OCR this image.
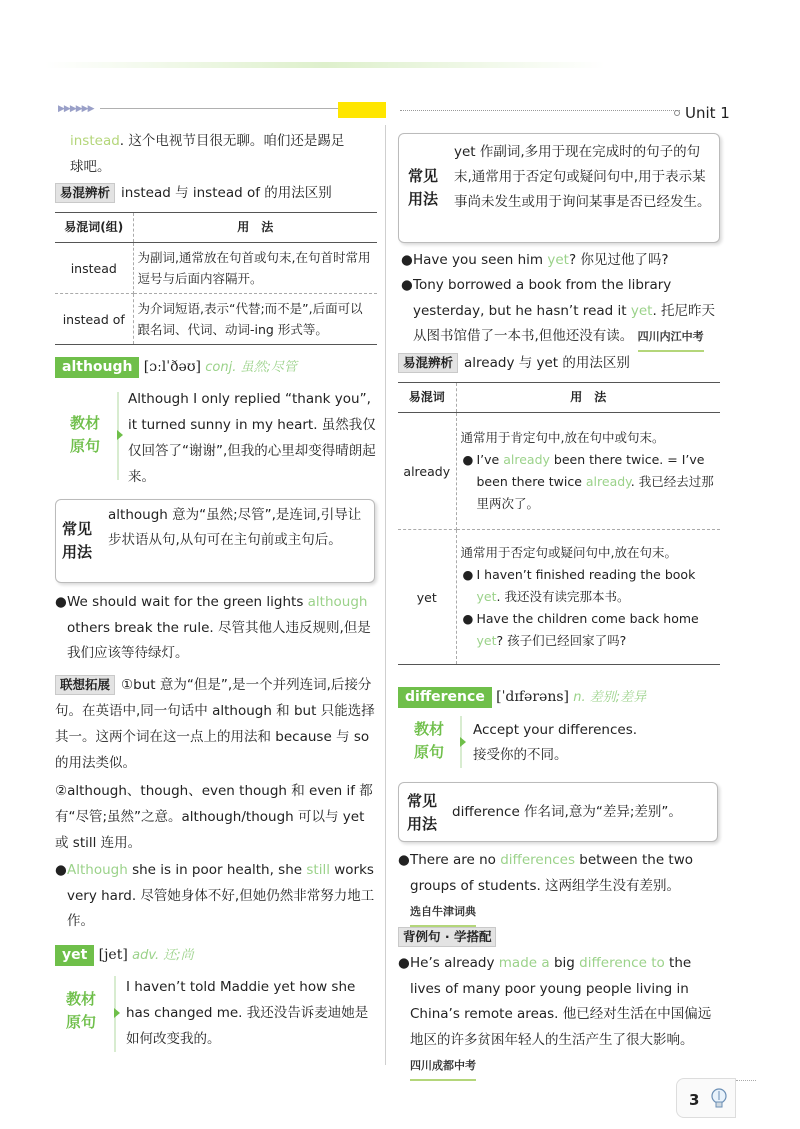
▶▶▶▶▶▶	Unit 1
instead. 这个电视节目很无聊。咱们还是踢足
球吧。
易混辨析 instead 与 instead of 的用法区别
易混词(组)	用　法
instead	为副词,通常放在句首或句末,在句首时常用逗号与后面内容隔开。
instead of	为介词短语,表示“代替;而不是”,后面可以跟名词、代词、动词-ing 形式等。
although [ɔːlˈðəʊ] conj. 虽然;尽管
教材
原句
Although I only replied “thank you”, it turned sunny in my heart. 虽然我仅仅回答了“谢谢”,但我的心里却变得晴朗起来。
常见
用法
although 意为“虽然;尽管”,是连词,引导让步状语从句,从句可在主句前或主句后。
● We should wait for the green lights although others break the rule. 尽管其他人违反规则,但是我们应该等待绿灯。
联想拓展 ①but 意为“但是”,是一个并列连词,后接分句。在英语中,同一句话中 although 和 but 只能选择其一。这两个词在这一点上的用法和 because 与 so 的用法类似。
②although、though、even though 和 even if 都有“尽管;虽然”之意。although/though 可以与 yet 或 still 连用。
● Although she is in poor health, she still works very hard. 尽管她身体不好,但她仍然非常努力地工作。
yet [jet] adv. 还;尚
教材
原句
I haven’t told Maddie yet how she has changed me. 我还没告诉麦迪她是如何改变我的。
常见
用法
yet 作副词,多用于现在完成时的句子的句末,通常用于否定句或疑问句中,用于表示某事尚未发生或用于询问某事是否已经发生。
● Have you seen him yet? 你见过他了吗?
● Tony borrowed a book from the library yesterday, but he hasn’t read it yet. 托尼昨天从图书馆借了一本书,但他还没有读。 四川内江中考
易混辨析 already 与 yet 的用法区别
易混词	用　法
already	通常用于肯定句中,放在句中或句末。
● I’ve already been there twice. = I’ve been there twice already. 我已经去过那里两次了。

yet	通常用于否定句或疑问句中,放在句末。
● I haven’t finished reading the book yet. 我还没有读完那本书。
● Have the children come back home yet? 孩子们已经回家了吗?
difference [ˈdɪfərəns] n. 差别;差异
教材
原句
Accept your differences.
接受你的不同。
常见
用法
difference 作名词,意为“差异;差别”。
● There are no differences between the two groups of students. 这两组学生没有差别。 选自牛津词典
背例句 · 学搭配
● He’s already made a big difference to the lives of many poor young people living in China’s remote areas. 他已经对生活在中国偏远地区的许多贫困年轻人的生活产生了很大影响。 四川成都中考
3
